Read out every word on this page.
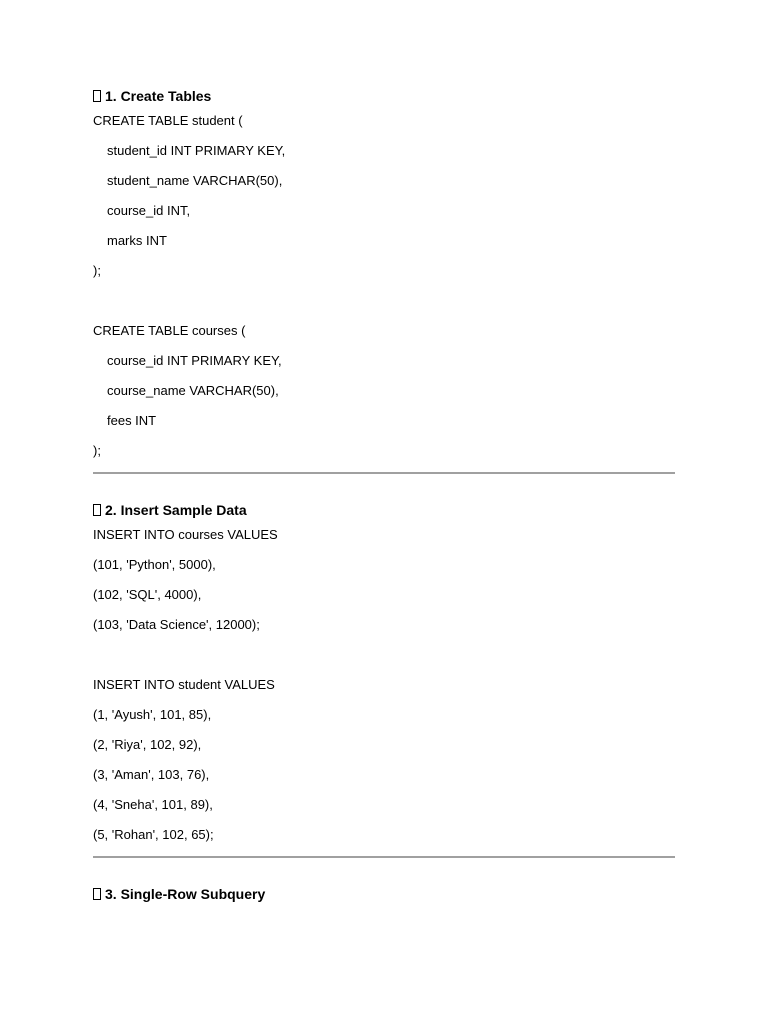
1. Create Tables
CREATE TABLE student (
student_id INT PRIMARY KEY,
student_name VARCHAR(50),
course_id INT,
marks INT
);
CREATE TABLE courses (
course_id INT PRIMARY KEY,
course_name VARCHAR(50),
fees INT
);
2. Insert Sample Data
INSERT INTO courses VALUES
(101, 'Python', 5000),
(102, 'SQL', 4000),
(103, 'Data Science', 12000);
INSERT INTO student VALUES
(1, 'Ayush', 101, 85),
(2, 'Riya', 102, 92),
(3, 'Aman', 103, 76),
(4, 'Sneha', 101, 89),
(5, 'Rohan', 102, 65);
3. Single-Row Subquery
